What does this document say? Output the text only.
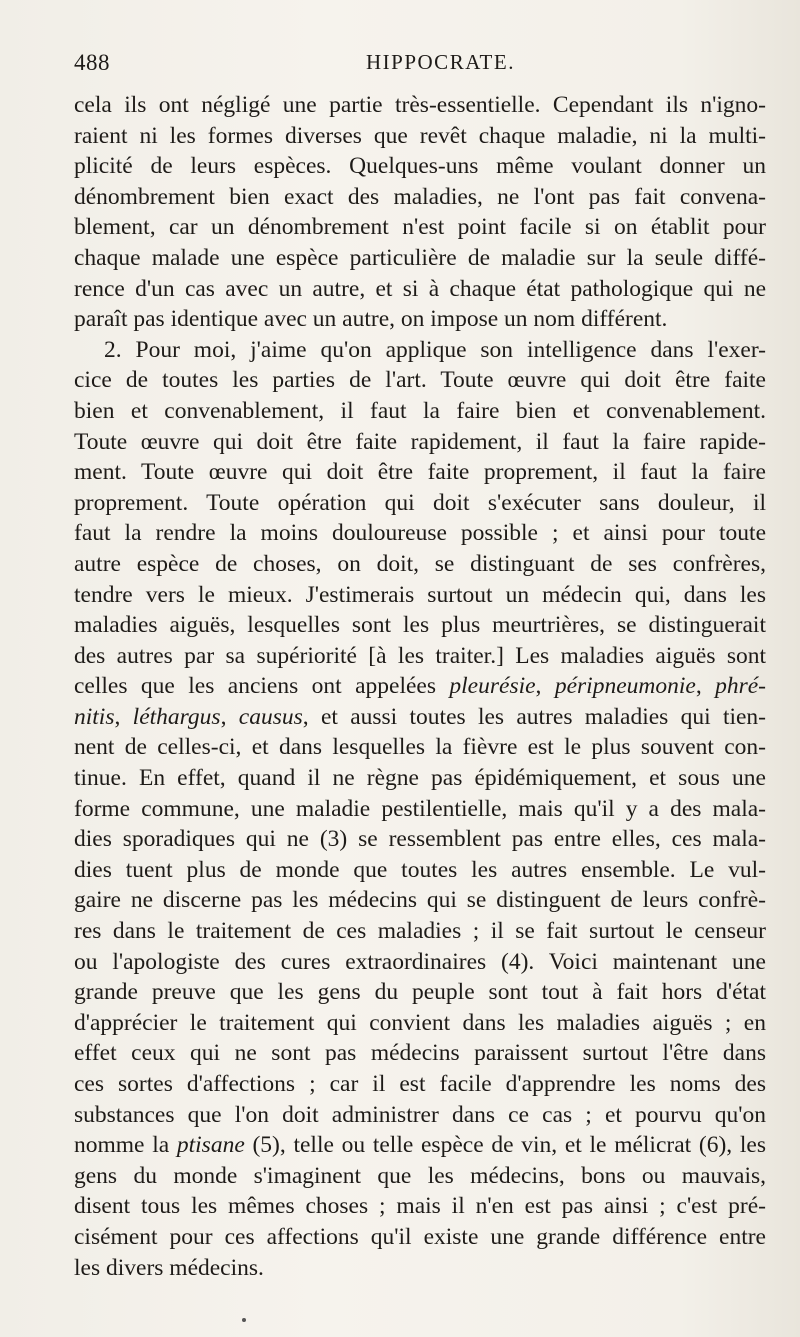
488	HIPPOCRATE.
cela ils ont négligé une partie très-essentielle. Cependant ils n'igno-
raient ni les formes diverses que revêt chaque maladie, ni la multi-
plicité de leurs espèces. Quelques-uns même voulant donner un
dénombrement bien exact des maladies, ne l'ont pas fait convena-
blement, car un dénombrement n'est point facile si on établit pour
chaque malade une espèce particulière de maladie sur la seule diffé-
rence d'un cas avec un autre, et si à chaque état pathologique qui ne
paraît pas identique avec un autre, on impose un nom différent.
2. Pour moi, j'aime qu'on applique son intelligence dans l'exer-
cice de toutes les parties de l'art. Toute œuvre qui doit être faite
bien et convenablement, il faut la faire bien et convenablement.
Toute œuvre qui doit être faite rapidement, il faut la faire rapide-
ment. Toute œuvre qui doit être faite proprement, il faut la faire
proprement. Toute opération qui doit s'exécuter sans douleur, il
faut la rendre la moins douloureuse possible ; et ainsi pour toute
autre espèce de choses, on doit, se distinguant de ses confrères,
tendre vers le mieux. J'estimerais surtout un médecin qui, dans les
maladies aiguës, lesquelles sont les plus meurtrières, se distinguerait
des autres par sa supériorité [à les traiter.] Les maladies aiguës sont
celles que les anciens ont appelées pleurésie, péripneumonie, phré-
nitis, léthargus, causus, et aussi toutes les autres maladies qui tien-
nent de celles-ci, et dans lesquelles la fièvre est le plus souvent con-
tinue. En effet, quand il ne règne pas épidémiquement, et sous une
forme commune, une maladie pestilentielle, mais qu'il y a des mala-
dies sporadiques qui ne (3) se ressemblent pas entre elles, ces mala-
dies tuent plus de monde que toutes les autres ensemble. Le vul-
gaire ne discerne pas les médecins qui se distinguent de leurs confrè-
res dans le traitement de ces maladies ; il se fait surtout le censeur
ou l'apologiste des cures extraordinaires (4). Voici maintenant une
grande preuve que les gens du peuple sont tout à fait hors d'état
d'apprécier le traitement qui convient dans les maladies aiguës ; en
effet ceux qui ne sont pas médecins paraissent surtout l'être dans
ces sortes d'affections ; car il est facile d'apprendre les noms des
substances que l'on doit administrer dans ce cas ; et pourvu qu'on
nomme la ptisane (5), telle ou telle espèce de vin, et le mélicrat (6), les
gens du monde s'imaginent que les médecins, bons ou mauvais,
disent tous les mêmes choses ; mais il n'en est pas ainsi ; c'est pré-
cisément pour ces affections qu'il existe une grande différence entre
les divers médecins.
